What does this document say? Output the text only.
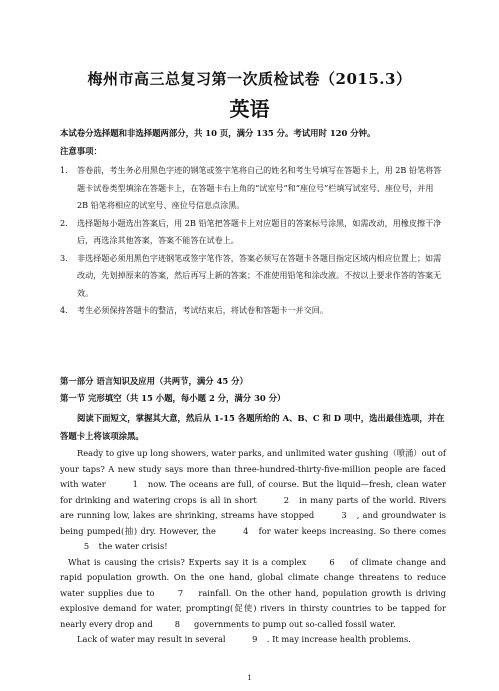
梅州市高三总复习第一次质检试卷（2015.3）
英语
本试卷分选择题和非选择题两部分，共 10 页，满分 135 分。考试用时 120 分钟。
注意事项：
1. 答卷前，考生务必用黑色字迹的钢笔或签字笔将自己的姓名和考生号填写在答题卡上，用 2B 铅笔将答题卡试卷类型填涂在答题卡上，在答题卡右上角的“试室号”和“座位号”栏填写试室号、座位号，并用 2B 铅笔将相应的试室号、座位号信息点涂黑。
2. 选择题每小题选出答案后，用 2B 铅笔把答题卡上对应题目的答案标号涂黑，如需改动，用橡皮擦干净后，再选涂其他答案，答案不能答在试卷上。
3. 非选择题必须用黑色字迹钢笔或签字笔作答，答案必须写在答题卡各题目指定区域内相应位置上；如需改动，先划掉原来的答案，然后再写上新的答案；不准使用铅笔和涂改液。不按以上要求作答的答案无效。
4. 考生必须保持答题卡的整洁，考试结束后，将试卷和答题卡一并交回。
第一部分 语言知识及应用（共两节，满分 45 分）
第一节 完形填空（共 15 小题，每小题 2 分，满分 30 分）
阅读下面短文，掌握其大意，然后从 1-15 各题所给的 A、B、C 和 D 项中，选出最佳选项，并在答题卡上将该项涂黑。

Ready to give up long showers, water parks, and unlimited water gushing（喷涌）out of your taps? A new study says more than three-hundred-thirty-five-million people are faced with water	1 now. The oceans are full, of course. But the liquid—fresh, clean water for drinking and watering crops is all in short	2 in many parts of the world. Rivers are running low, lakes are shrinking, streams have stopped	3 , and groundwater is being pumped(抽) dry. However, the	4 for water keeps increasing. So there comes 5 the water crisis!

What is causing the crisis? Experts say it is a complex	6 of climate change and rapid population growth. On the one hand, global climate change threatens to reduce water supplies due to	7 rainfall. On the other hand, population growth is driving explosive demand for water, prompting(促使) rivers in thirsty countries to be tapped for nearly every drop and	8 governments to pump out so-called fossil water.

Lack of water may result in several	9 . It may increase health problems.

1
